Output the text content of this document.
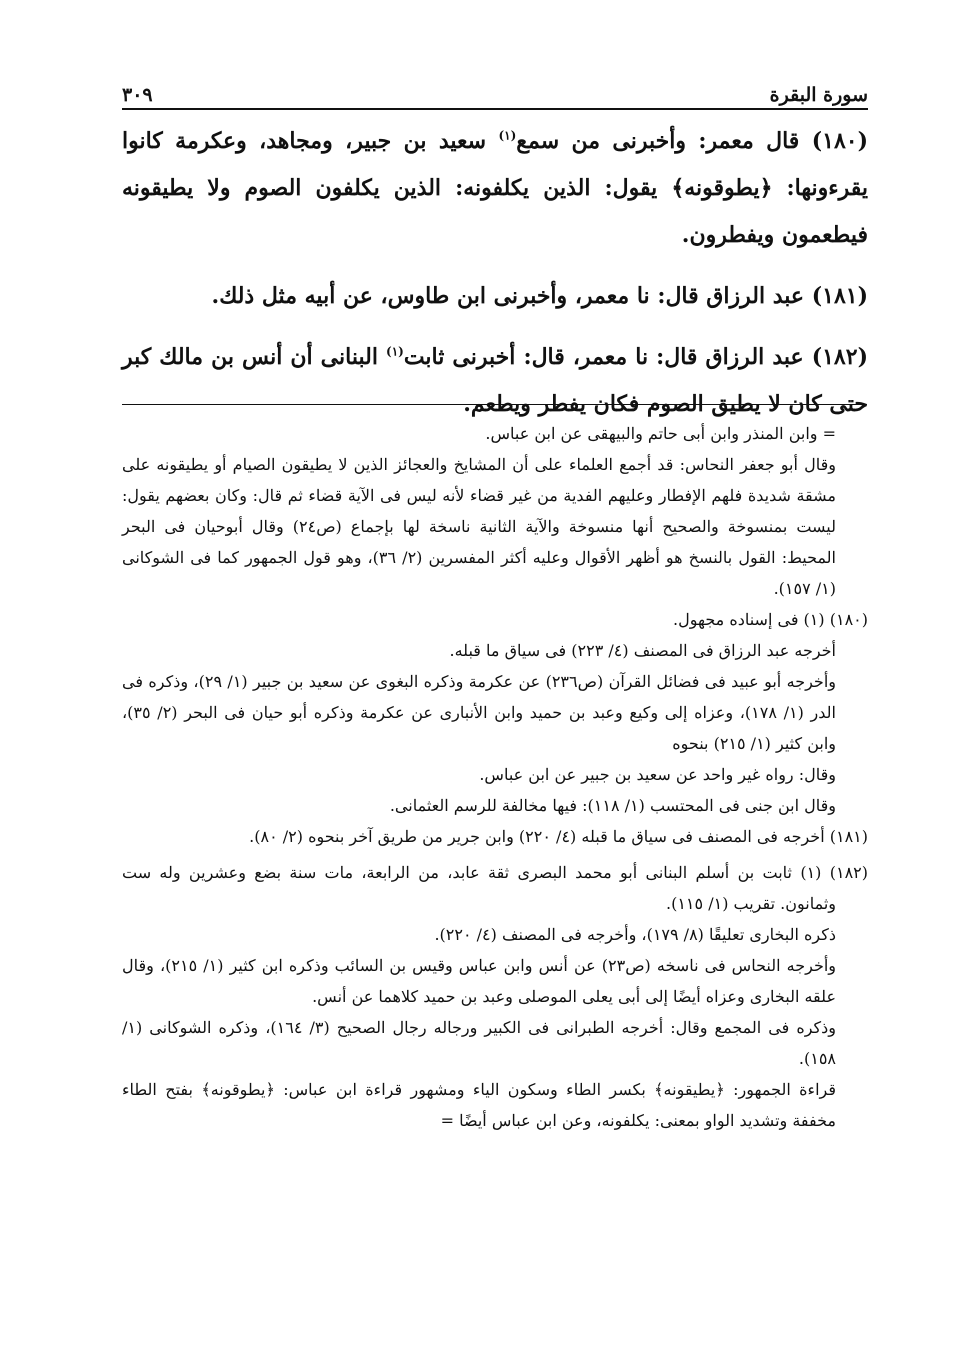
سورة البقرة
٣٠٩

(١٨٠) قال معمر: وأخبرنى من سمع$^{(١)}$ سعيد بن جبير، ومجاهد، وعكرمة كانوا يقرءونها: ﴿يطوقونه﴾ يقول: الذين يكلفونه: الذين يكلفون الصوم ولا يطيقونه فيطعمون ويفطرون.

(١٨١) عبد الرزاق قال: نا معمر، وأخبرنى ابن طاوس، عن أبيه مثل ذلك.

(١٨٢) عبد الرزاق قال: نا معمر، قال: أخبرنى ثابت$^{(١)}$ البنانى أن أنس بن مالك كبر حتى كان لا يطيق الصوم فكان يفطر ويطعم.

= وابن المنذر وابن أبى حاتم والبيهقى عن ابن عباس.

وقال أبو جعفر النحاس: قد أجمع العلماء على أن المشايخ والعجائز الذين لا يطيقون الصيام أو يطيقونه على مشقة شديدة فلهم الإفطار وعليهم الفدية من غير قضاء لأنه ليس فى الآية قضاء ثم قال: وكان بعضهم يقول: ليست بمنسوخة والصحيح أنها منسوخة والآية الثانية ناسخة لها بإجماع (ص٢٤) وقال أبوحيان فى البحر المحيط: القول بالنسخ هو أظهر الأقوال وعليه أكثر المفسرين (٢/ ٣٦)، وهو قول الجمهور كما فى الشوكانى (١/ ١٥٧).

(١٨٠) (١) فى إسناده مجهول.

أخرجه عبد الرزاق فى المصنف (٤/ ٢٢٣) فى سياق ما قبله.

وأخرجه أبو عبيد فى فضائل القرآن (ص٢٣٦) عن عكرمة وذكره البغوى عن سعيد بن جبير (١/ ٢٩)، وذكره فى الدر (١/ ١٧٨)، وعزاه إلى وكيع وعبد بن حميد وابن الأنبارى عن عكرمة وذكره أبو حيان فى البحر (٢/ ٣٥)، وابن كثير (١/ ٢١٥) بنحوه

وقال: رواه غير واحد عن سعيد بن جبير عن ابن عباس.

وقال ابن جنى فى المحتسب (١/ ١١٨): فيها مخالفة للرسم العثمانى.

(١٨١) أخرجه فى المصنف فى سياق ما قبله (٤/ ٢٢٠) وابن جرير من طريق آخر بنحوه (٢/ ٨٠).

(١٨٢) (١) ثابت بن أسلم البنانى أبو محمد البصرى ثقة عابد، من الرابعة، مات سنة بضع وعشرين وله ست وثمانون. تقريب (١/ ١١٥).

ذكره البخارى تعليقًا (٨/ ١٧٩)، وأخرجه فى المصنف (٤/ ٢٢٠).

وأخرجه النحاس فى ناسخه (ص٢٣) عن أنس وابن عباس وقيس بن السائب وذكره ابن كثير (١/ ٢١٥)، وقال علقه البخارى وعزاه أيضًا إلى أبى يعلى الموصلى وعبد بن حميد كلاهما عن أنس.

وذكره فى المجمع وقال: أخرجه الطبرانى فى الكبير ورجاله رجال الصحيح (٣/ ١٦٤)، وذكره الشوكانى (١/ ١٥٨).

قراءة الجمهور: ﴿يطيقونه﴾ بكسر الطاء وسكون الياء ومشهور قراءة ابن عباس: ﴿يطوقونه﴾ بفتح الطاء مخففة وتشديد الواو بمعنى: يكلفونه، وعن ابن عباس أيضًا =
